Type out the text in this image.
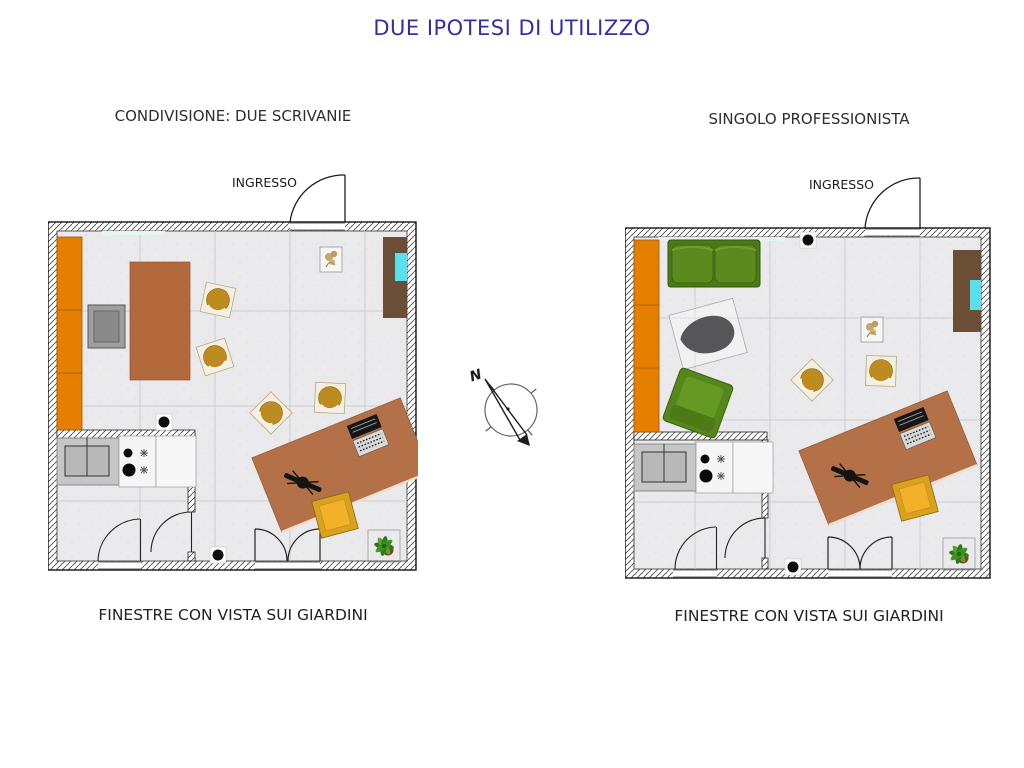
DUE IPOTESI DI UTILIZZO
CONDIVISIONE: DUE SCRIVANIE	SINGOLO PROFESSIONISTA
INGRESSO	INGRESSO
FINESTRE CON VISTA SUI GIARDINI	FINESTRE CON VISTA SUI GIARDINI
N
